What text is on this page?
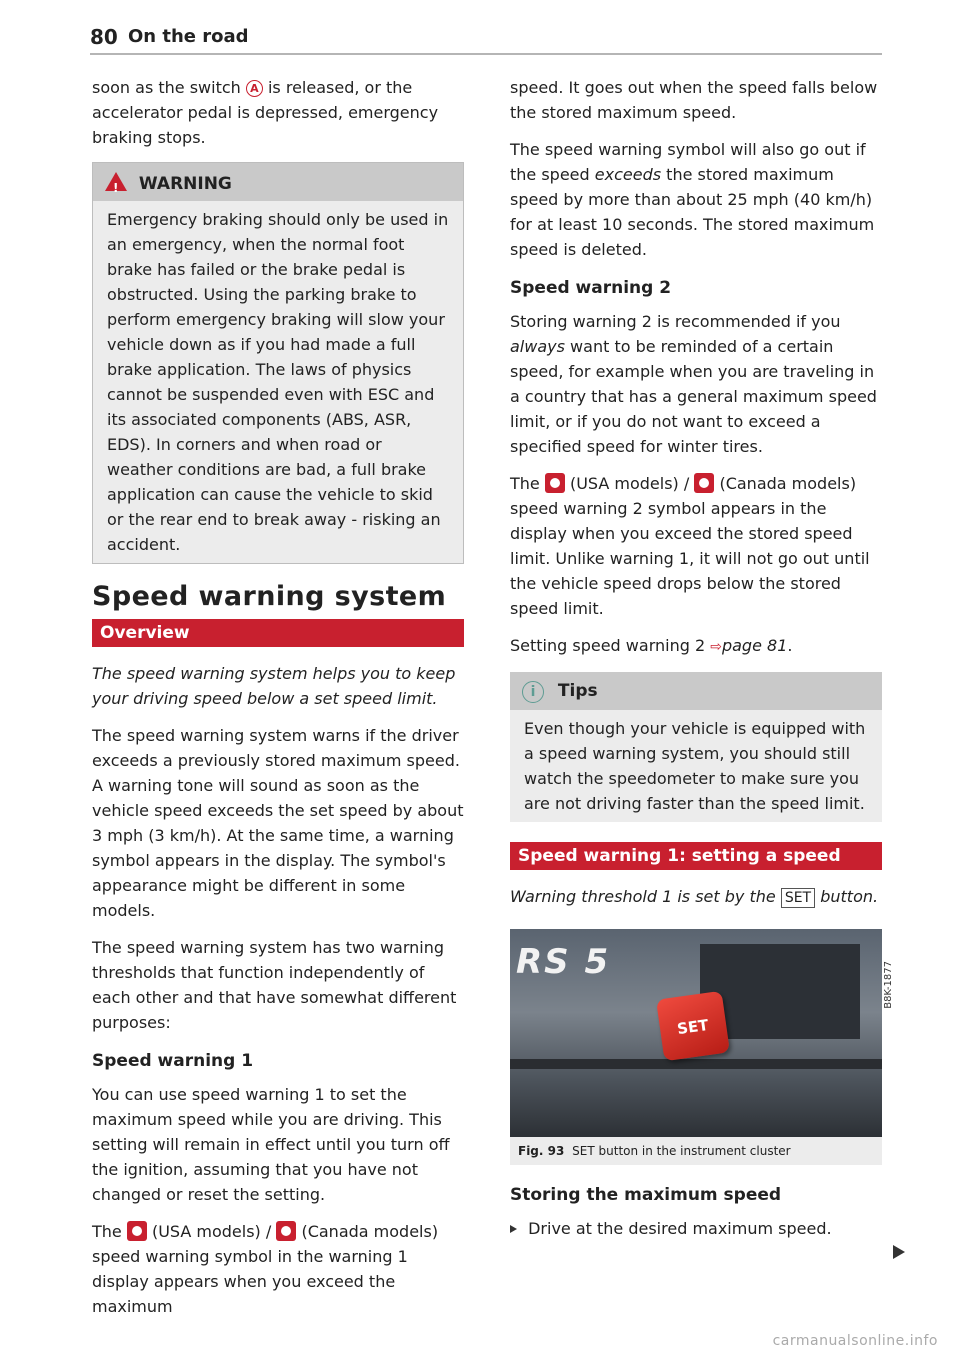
80 On the road

soon as the switch A is released, or the accelerator pedal is depressed, emergency braking stops.

! WARNING
Emergency braking should only be used in an emergency, when the normal foot brake has failed or the brake pedal is obstructed. Using the parking brake to perform emergency braking will slow your vehicle down as if you had made a full brake application. The laws of physics cannot be suspended even with ESC and its associated components (ABS, ASR, EDS). In corners and when road or weather conditions are bad, a full brake application can cause the vehicle to skid or the rear end to break away - risking an accident.
Speed warning system
Overview

The speed warning system helps you to keep your driving speed below a set speed limit.

The speed warning system warns if the driver exceeds a previously stored maximum speed. A warning tone will sound as soon as the vehicle speed exceeds the set speed by about 3 mph (3 km/h). At the same time, a warning symbol appears in the display. The symbol's appearance might be different in some models.

The speed warning system has two warning thresholds that function independently of each other and that have somewhat different purposes:

Speed warning 1

You can use speed warning 1 to set the maximum speed while you are driving. This setting will remain in effect until you turn off the ignition, assuming that you have not changed or reset the setting.

The (USA models) / (Canada models) speed warning symbol in the warning 1 display appears when you exceed the maximum

speed. It goes out when the speed falls below the stored maximum speed.

The speed warning symbol will also go out if the speed exceeds the stored maximum speed by more than about 25 mph (40 km/h) for at least 10 seconds. The stored maximum speed is deleted.

Speed warning 2

Storing warning 2 is recommended if you always want to be reminded of a certain speed, for example when you are traveling in a country that has a general maximum speed limit, or if you do not want to exceed a specified speed for winter tires.

The (USA models) / (Canada models) speed warning 2 symbol appears in the display when you exceed the stored speed limit. Unlike warning 1, it will not go out until the vehicle speed drops below the stored speed limit.

Setting speed warning 2 ⇨page 81.

i Tips
Even though your vehicle is equipped with a speed warning system, you should still watch the speedometer to make sure you are not driving faster than the speed limit.
Speed warning 1: setting a speed limit

Warning threshold 1 is set by the SET button.

RS 5
SET
B8K-1877
Fig. 93 SET button in the instrument cluster
Storing the maximum speed

Drive at the desired maximum speed.

carmanualsonline.info
